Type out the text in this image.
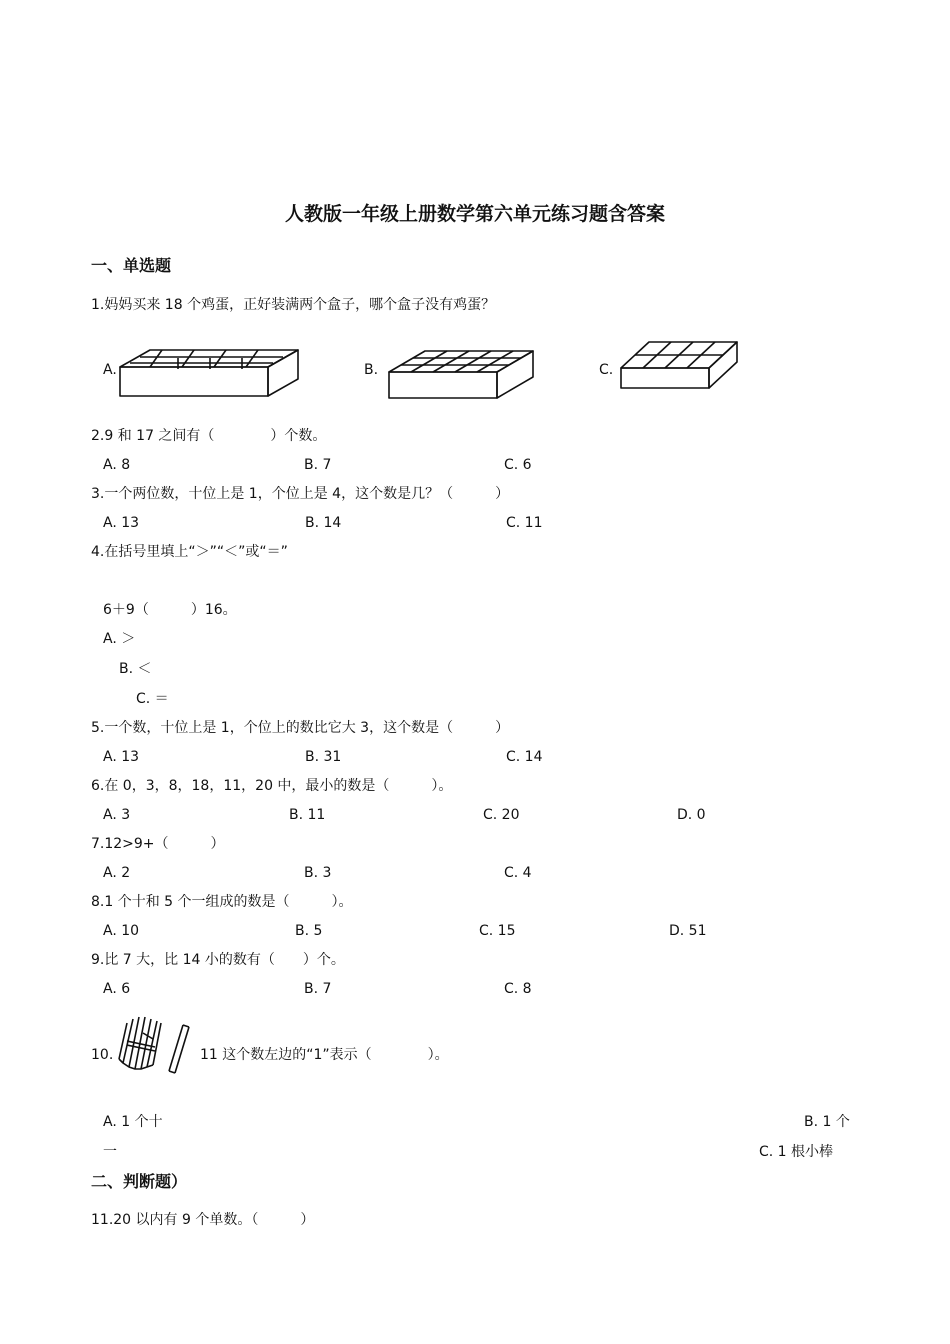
人教版一年级上册数学第六单元练习题含答案
一、单选题
1.妈妈买来 18 个鸡蛋，正好装满两个盒子，哪个盒子没有鸡蛋？
A.	B.	C.
2.9 和 17 之间有（　　　　）个数。
A. 8	B. 7	C. 6
3.一个两位数，十位上是 1，个位上是 4，这个数是几？（　　　）
A. 13	B. 14	C. 11
4.在括号里填上“＞”“＜”或“＝”
6＋9（　　　）16。
A. ＞
B. ＜
C. ＝
5.一个数，十位上是 1，个位上的数比它大 3，这个数是（　　　）
A. 13	B. 31	C. 14
6.在 0，3，8，18，11，20 中，最小的数是（　　　）。
A. 3	B. 11	C. 20	D. 0
7.12>9+（　　　）
A. 2	B. 3	C. 4
8.1 个十和 5 个一组成的数是（　　　）。
A. 10	B. 5	C. 15	D. 51
9.比 7 大，比 14 小的数有（　　）个。
A. 6	B. 7	C. 8
10.	11 这个数左边的“1”表示（　　　　）。
A. 1 个十	B. 1 个
一	C. 1 根小棒
二、判断题）
11.20 以内有 9 个单数。（　　　）
